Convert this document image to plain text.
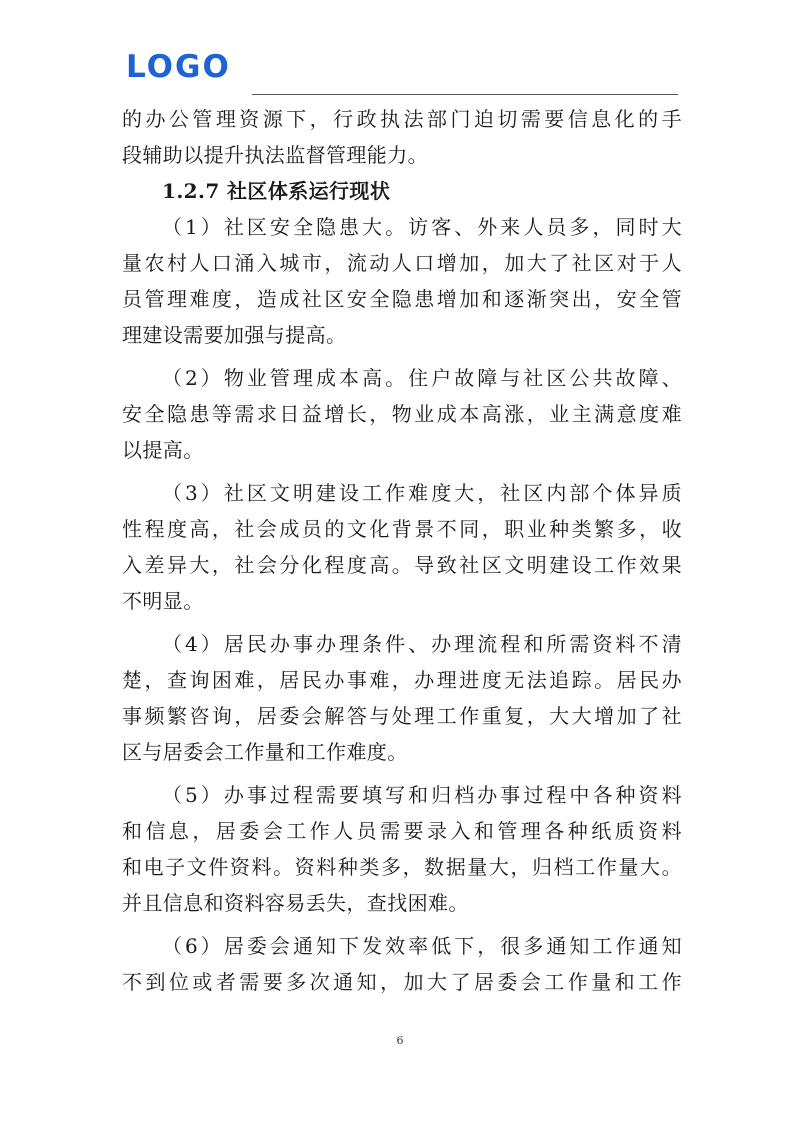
LOGO
的办公管理资源下，行政执法部门迫切需要信息化的手
段辅助以提升执法监督管理能力。
1.2.7 社区体系运行现状
（1）社区安全隐患大。访客、外来人员多，同时大
量农村人口涌入城市，流动人口增加，加大了社区对于人
员管理难度，造成社区安全隐患增加和逐渐突出，安全管
理建设需要加强与提高。
（2）物业管理成本高。住户故障与社区公共故障、
安全隐患等需求日益增长，物业成本高涨，业主满意度难
以提高。
（3）社区文明建设工作难度大，社区内部个体异质
性程度高，社会成员的文化背景不同，职业种类繁多，收
入差异大，社会分化程度高。导致社区文明建设工作效果
不明显。
（4）居民办事办理条件、办理流程和所需资料不清
楚，查询困难，居民办事难，办理进度无法追踪。居民办
事频繁咨询，居委会解答与处理工作重复，大大增加了社
区与居委会工作量和工作难度。
（5）办事过程需要填写和归档办事过程中各种资料
和信息，居委会工作人员需要录入和管理各种纸质资料
和电子文件资料。资料种类多，数据量大，归档工作量大。
并且信息和资料容易丢失，查找困难。
（6）居委会通知下发效率低下，很多通知工作通知
不到位或者需要多次通知，加大了居委会工作量和工作
6
